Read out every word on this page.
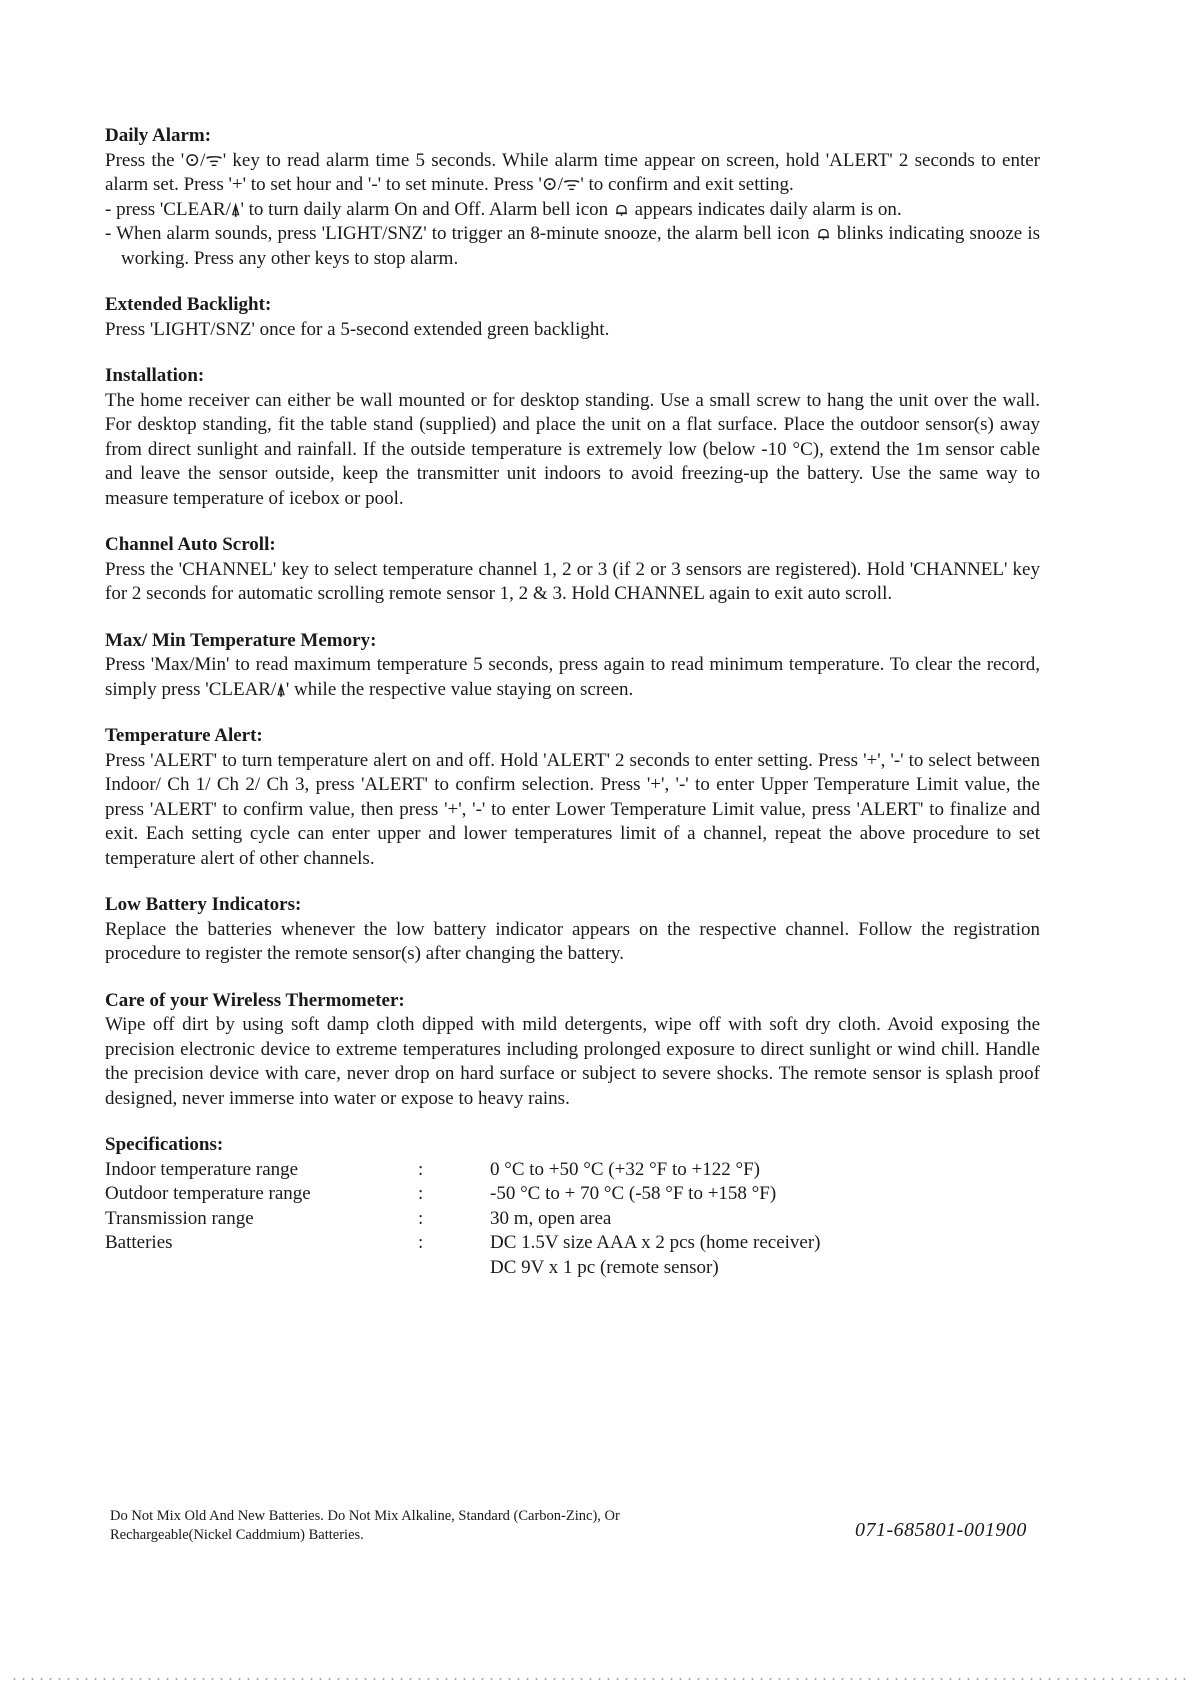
Daily Alarm:

Press the '⊙/ᯤ' key to read alarm time 5 seconds. While alarm time appear on screen, hold 'ALERT' 2 seconds to enter alarm set. Press '+' to set hour and '-' to set minute. Press '⊙/ᯤ' to confirm and exit setting.

- press 'CLEAR/⍋' to turn daily alarm On and Off. Alarm bell icon  appears indicates daily alarm is on.

- When alarm sounds, press 'LIGHT/SNZ' to trigger an 8-minute snooze, the alarm bell icon  blinks indicating snooze is working. Press any other keys to stop alarm.

Extended Backlight:

Press 'LIGHT/SNZ' once for a 5-second extended green backlight.

Installation:

The home receiver can either be wall mounted or for desktop standing. Use a small screw to hang the unit over the wall. For desktop standing, fit the table stand (supplied) and place the unit on a flat surface. Place the outdoor sensor(s) away from direct sunlight and rainfall. If the outside temperature is extremely low (below -10 °C), extend the 1m sensor cable and leave the sensor outside, keep the transmitter unit indoors to avoid freezing-up the battery. Use the same way to measure temperature of icebox or pool.

Channel Auto Scroll:

Press the 'CHANNEL' key to select temperature channel 1, 2 or 3 (if 2 or 3 sensors are registered). Hold 'CHANNEL' key for 2 seconds for automatic scrolling remote sensor 1, 2 & 3. Hold CHANNEL again to exit auto scroll.

Max/ Min Temperature Memory:

Press 'Max/Min' to read maximum temperature 5 seconds, press again to read minimum temperature. To clear the record, simply press 'CLEAR/⍋' while the respective value staying on screen.

Temperature Alert:

Press 'ALERT' to turn temperature alert on and off. Hold 'ALERT' 2 seconds to enter setting. Press '+', '-' to select between Indoor/ Ch 1/ Ch 2/ Ch 3, press 'ALERT' to confirm selection. Press '+', '-' to enter Upper Temperature Limit value, the press 'ALERT' to confirm value, then press '+', '-' to enter Lower Temperature Limit value, press 'ALERT' to finalize and exit. Each setting cycle can enter upper and lower temperatures limit of a channel, repeat the above procedure to set temperature alert of other channels.

Low Battery Indicators:

Replace the batteries whenever the low battery indicator appears on the respective channel. Follow the registration procedure to register the remote sensor(s) after changing the battery.

Care of your Wireless Thermometer:

Wipe off dirt by using soft damp cloth dipped with mild detergents, wipe off with soft dry cloth. Avoid exposing the precision electronic device to extreme temperatures including prolonged exposure to direct sunlight or wind chill. Handle the precision device with care, never drop on hard surface or subject to severe shocks. The remote sensor is splash proof designed, never immerse into water or expose to heavy rains.

Specifications:

Indoor temperature range	:	0 °C to +50 °C (+32 °F to +122 °F)
Outdoor temperature range	:	-50 °C to + 70 °C (-58 °F to +158 °F)
Transmission range	:	30 m, open area
Batteries	:	DC 1.5V size AAA x 2 pcs (home receiver)
DC 9V x 1 pc (remote sensor)
Do Not Mix Old And New Batteries. Do Not Mix Alkaline, Standard (Carbon-Zinc), Or Rechargeable(Nickel Caddmium) Batteries.	071-685801-001900
